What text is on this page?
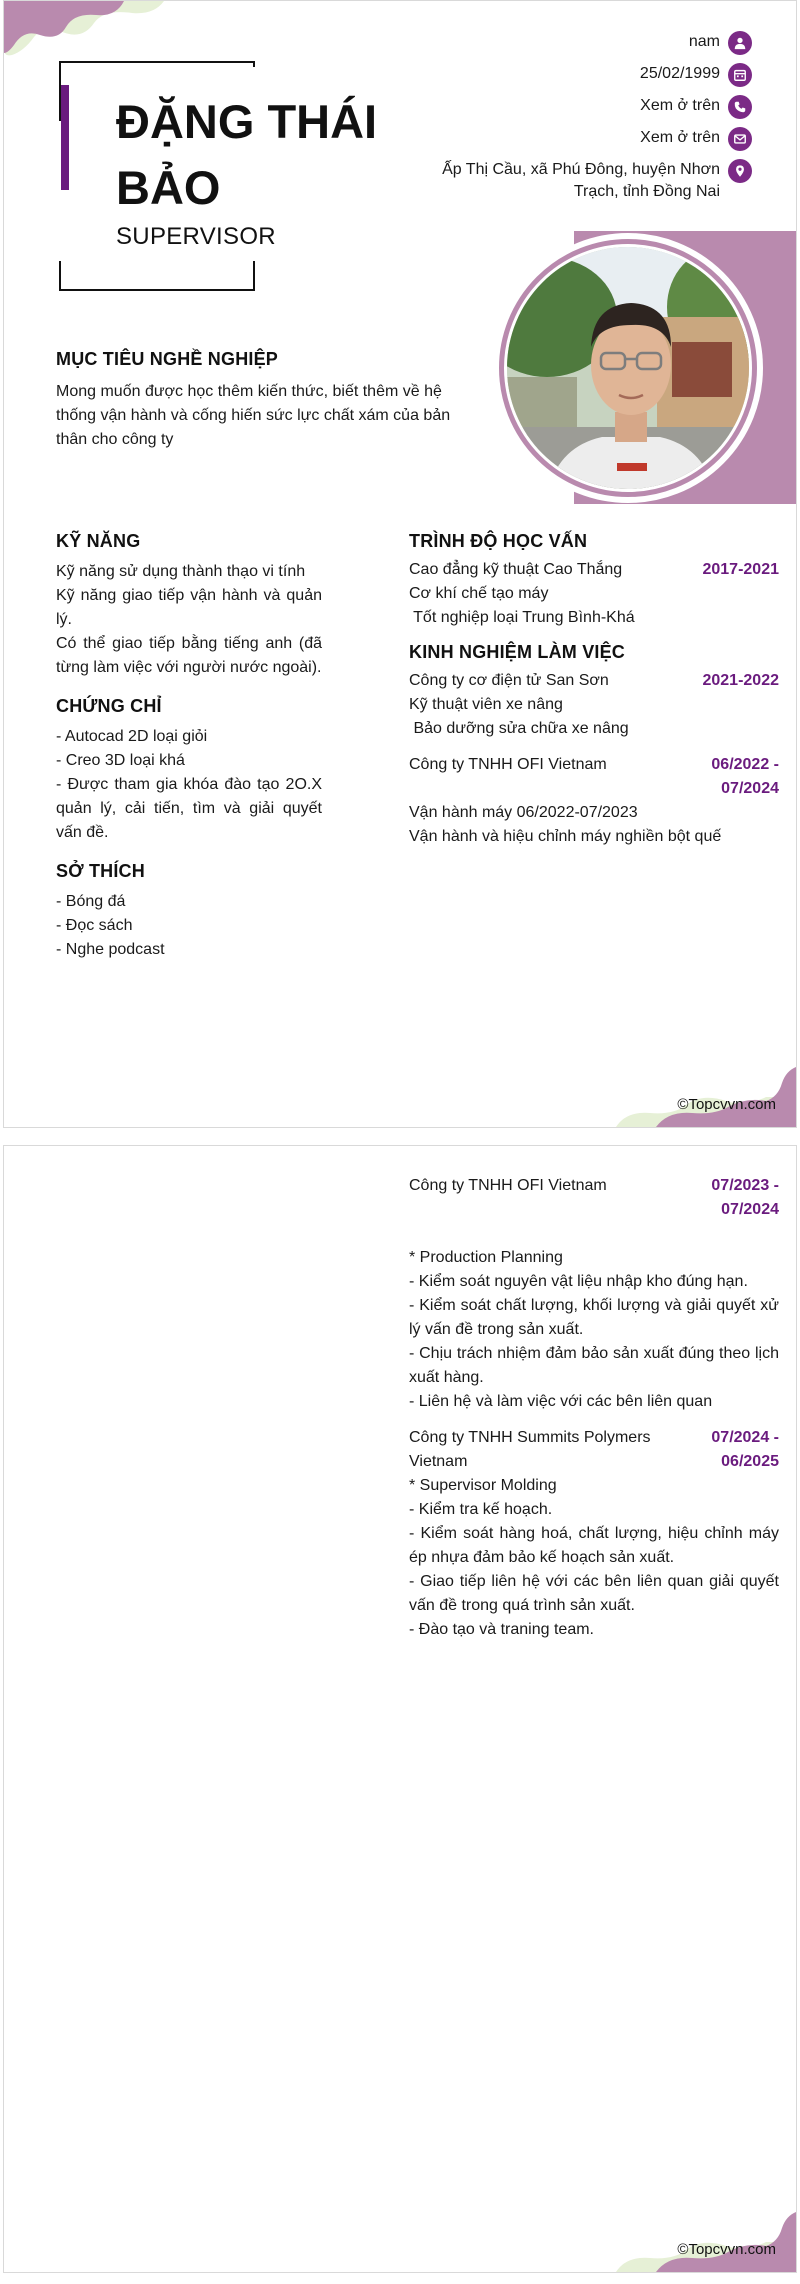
ĐẶNG THÁI BẢO
SUPERVISOR
nam
25/02/1999
Xem ở trên
Xem ở trên
Ấp Thị Cầu, xã Phú Đông, huyện Nhơn Trạch, tỉnh Đồng Nai
MỤC TIÊU NGHỀ NGHIỆP
Mong muốn được học thêm kiến thức, biết thêm về hệ thống vận hành và cống hiến sức lực chất xám của bản thân cho công ty
KỸ NĂNG
Kỹ năng sử dụng thành thạo vi tính
Kỹ năng giao tiếp vận hành và quản lý.
Có thể giao tiếp bằng tiếng anh (đã từng làm việc với người nước ngoài).
CHỨNG CHỈ
- Autocad 2D loại giỏi
- Creo 3D loại khá
- Được tham gia khóa đào tạo 2O.X quản lý, cải tiến, tìm và giải quyết vấn đề.
SỞ THÍCH
- Bóng đá
- Đọc sách
- Nghe podcast
TRÌNH ĐỘ HỌC VẤN
Cao đẳng kỹ thuật Cao Thắng	2017-2021
Cơ khí chế tạo máy
Tốt nghiệp loại Trung Bình-Khá
KINH NGHIỆM LÀM VIỆC
Công ty cơ điện tử San Sơn	2021-2022
Kỹ thuật viên xe nâng
Bảo dưỡng sửa chữa xe nâng
Công ty TNHH OFI Vietnam	06/2022 - 07/2024
Vận hành máy 06/2022-07/2023
Vận hành và hiệu chỉnh máy nghiền bột quế
©Topcvvn.com
Công ty TNHH OFI Vietnam	07/2023 - 07/2024
* Production Planning
- Kiểm soát nguyên vật liệu nhập kho đúng hạn.
- Kiểm soát chất lượng, khối lượng và giải quyết xử lý vấn đề trong sản xuất.
- Chịu trách nhiệm đảm bảo sản xuất đúng theo lịch xuất hàng.
- Liên hệ và làm việc với các bên liên quan
Công ty TNHH Summits Polymers Vietnam
07/2024 - 06/2025
* Supervisor Molding
- Kiểm tra kế hoạch.
- Kiểm soát hàng hoá, chất lượng, hiệu chỉnh máy ép nhựa đảm bảo kế hoạch sản xuất.
- Giao tiếp liên hệ với các bên liên quan giải quyết vấn đề trong quá trình sản xuất.
- Đào tạo và traning team.
©Topcvvn.com
